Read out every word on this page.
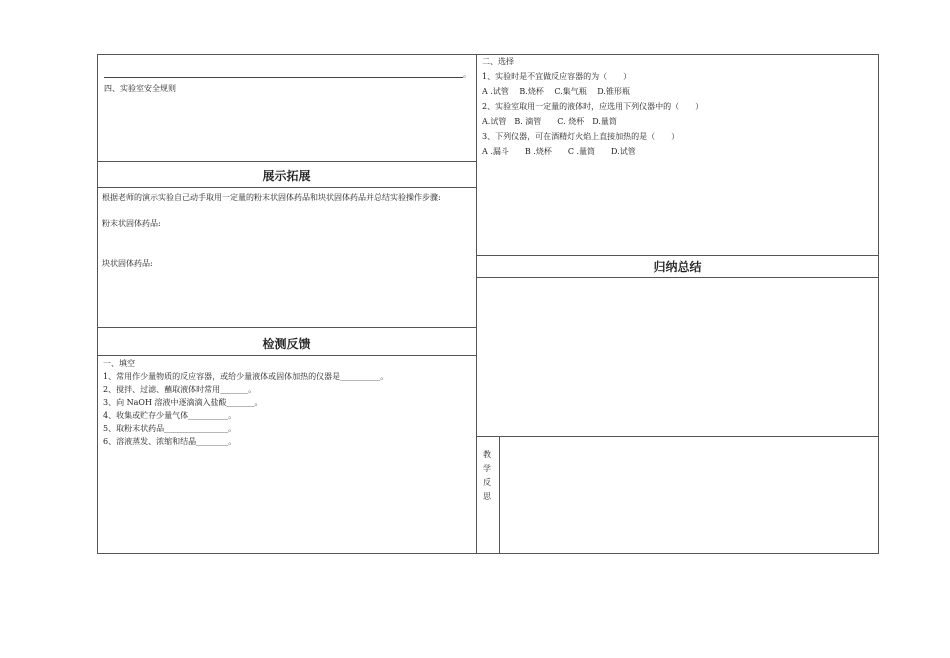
。
四、实验室安全规则
展示拓展
根据老师的演示实验自己动手取用一定量的粉末状固体药品和块状固体药品并总结实验操作步骤:
粉末状固体药品:
块状固体药品:
检测反馈
一、填空
1、常用作少量物质的反应容器，或给少量液体或固体加热的仪器是__________。
2、搅拌、过滤、蘸取液体时常用_______。
3、向 NaOH 溶液中逐滴滴入盐酸_______。
4、收集或贮存少量气体__________。
5、取粉末状药品________________。
6、溶液蒸发、浓缩和结晶________。
二、选择
1、实验时是不宜做反应容器的为（　　）
A .试管　 B.烧杯　 C.集气瓶　 D.锥形瓶
2、实验室取用一定量的液体时，应选用下列仪器中的（　　）
A.试管　B. 滴管　　C. 烧杯　D.量筒
3、下列仪器，可在酒精灯火焰上直接加热的是（　　）
A .漏斗　　B .烧杯　　C .量筒　　D.试管
归纳总结
教
学
反
思
